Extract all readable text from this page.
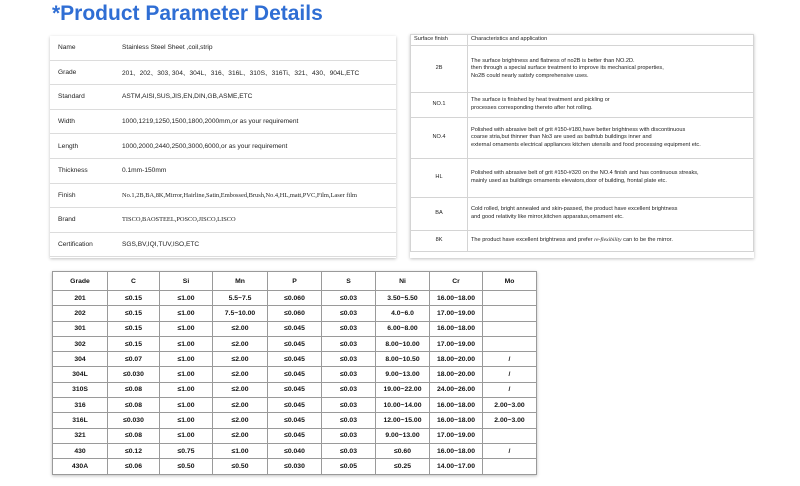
*Product Parameter Details
Name	Stainless Steel Sheet ,coil,strip
Grade	201、202、303, 304、304L、316、316L、310S、316Ti、321、430、904L,ETC
Standard	ASTM,AISI,SUS,JIS,EN,DIN,GB,ASME,ETC
Width	1000,1219,1250,1500,1800,2000mm,or as your requirement
Length	1000,2000,2440,2500,3000,6000,or as your requirement
Thickness	0.1mm-150mm
Finish	No.1,2B,BA,8K,Mirror,Hairline,Satin,Embossed,Brush,No.4,HL,matt,PVC,Film,Laser film
Brand	TISCO,BAOSTEEL,POSCO,JISCO,LISCO
Certification	SGS,BV,IQI,TUV,ISO,ETC
Surface finish	Characteristics and application
2B	The surface brightness and flatness of no2B is better than NO.2D.
then through a special surface treatment to improve its mechanical properties,
No2B could nearly satisfy comprehensive uses.

NO.1	The surface is finished by heat treatment and pickling or
processes corresponding thereto after hot rolling.

NO.4	Polished with abrasive belt of grit #150-#180,have better brightness with discontinuous
coarse stria,but thinner than No3 are used as bathtub buildings inner and
external ornaments electrical appliances kitchen utensils and food processing equipment etc.

HL	Polished with abrasive belt of grit #150-#320 on the NO.4 finish and has continuous streaks,
mainly used as buildings ornaments elevators,door of building, frontal plate etc.

BA	Cold rolled, bright annealed and skin-passed, the product have excellent brightness
and good relativity like mirror,kitchen apparatus,ornament etc.

8K	The product have excellent brightness and prefer re-flexibility can to be the mirror.
Grade	C	Si	Mn	P	S	Ni	Cr	Mo
201	≤0.15	≤1.00	5.5~7.5	≤0.060	≤0.03	3.50~5.50	16.00~18.00	
202	≤0.15	≤1.00	7.5~10.00	≤0.060	≤0.03	4.0~6.0	17.00~19.00	
301	≤0.15	≤1.00	≤2.00	≤0.045	≤0.03	6.00~8.00	16.00~18.00	
302	≤0.15	≤1.00	≤2.00	≤0.045	≤0.03	8.00~10.00	17.00~19.00	
304	≤0.07	≤1.00	≤2.00	≤0.045	≤0.03	8.00~10.50	18.00~20.00	/
304L	≤0.030	≤1.00	≤2.00	≤0.045	≤0.03	9.00~13.00	18.00~20.00	/
310S	≤0.08	≤1.00	≤2.00	≤0.045	≤0.03	19.00~22.00	24.00~26.00	/
316	≤0.08	≤1.00	≤2.00	≤0.045	≤0.03	10.00~14.00	16.00~18.00	2.00~3.00
316L	≤0.030	≤1.00	≤2.00	≤0.045	≤0.03	12.00~15.00	16.00~18.00	2.00~3.00
321	≤0.08	≤1.00	≤2.00	≤0.045	≤0.03	9.00~13.00	17.00~19.00	
430	≤0.12	≤0.75	≤1.00	≤0.040	≤0.03	≤0.60	16.00~18.00	/
430A	≤0.06	≤0.50	≤0.50	≤0.030	≤0.05	≤0.25	14.00~17.00	
